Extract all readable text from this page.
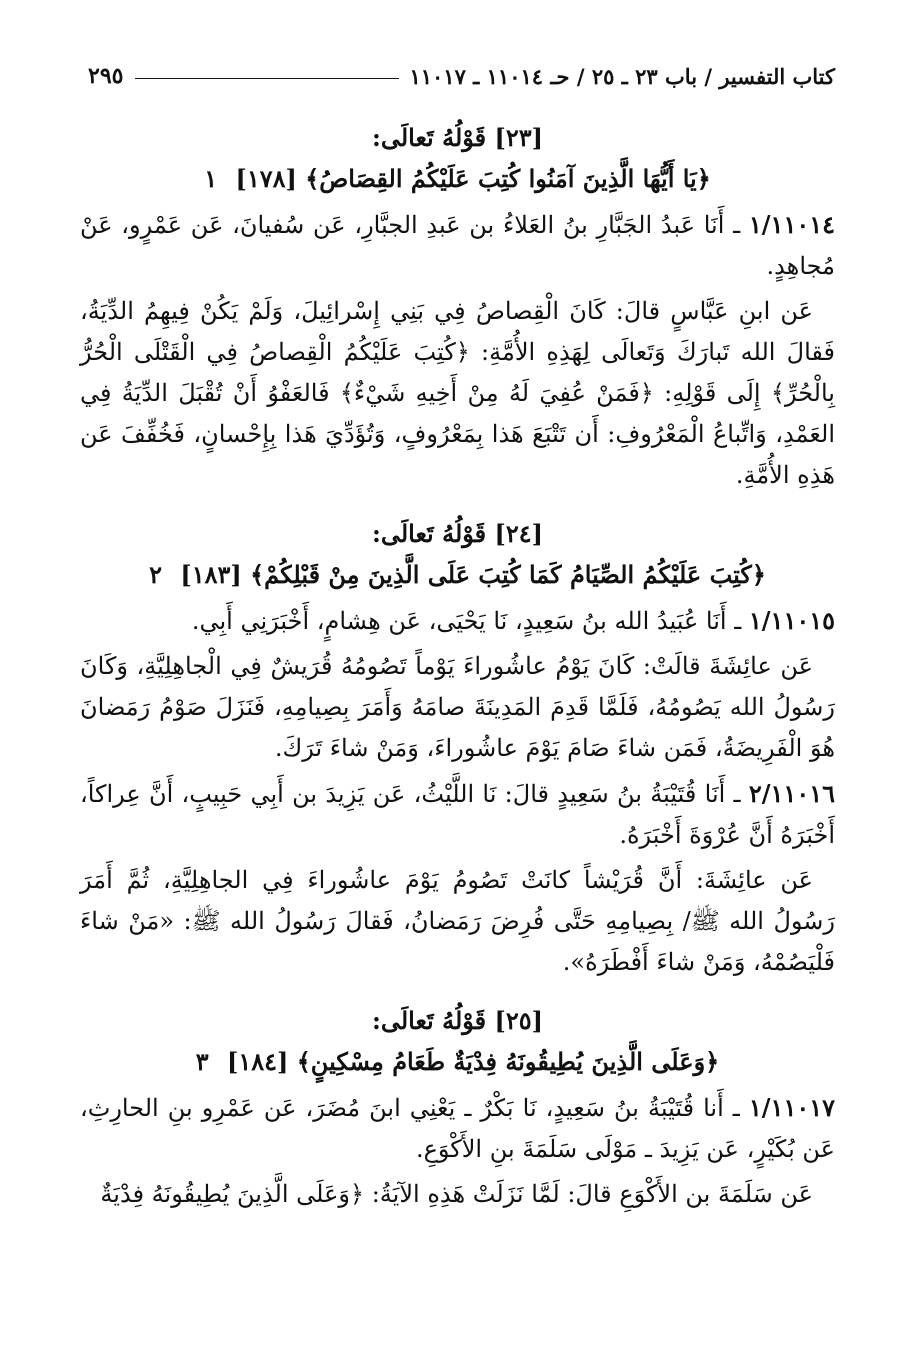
كتاب التفسير / باب ٢٣ ـ ٢٥ / حـ ١١٠١٤ ـ ١١٠١٧
٢٩٥

[٢٣] قَوْلُهُ تَعالَى:

﴿يَا أَيُّهَا الَّذِينَ آمَنُوا كُتِبَ عَلَيْكُمُ القِصَاصُ﴾ [١٧٨] ١

١/١١٠١٤ ـ أَنَا عَبدُ الجَبَّارِ بنُ العَلاءُ بن عَبدِ الجبَّارِ، عَن سُفيانَ، عَن عَمْرٍو، عَنْ مُجاهِدٍ.

عَن ابنِ عَبَّاسٍ قالَ: كَانَ الْقِصاصُ فِي بَنِي إِسْرائِيلَ، وَلَمْ يَكُنْ فِيهِمُ الدِّيَةُ، فَقالَ الله تَبارَكَ وَتَعالَى لِهَذِهِ الأُمَّةِ: ﴿كُتِبَ عَلَيْكُمُ الْقِصاصُ فِي الْقَتْلَى الْحُرُّ بِالْحُرِّ﴾ إِلَى قَوْلِهِ: ﴿فَمَنْ عُفِيَ لَهُ مِنْ أَخِيهِ شَيْءٌ﴾ فَالعَفْوُ أَنْ تُقْبَلَ الدِّيَةُ فِي العَمْدِ، وَاتِّباعُ الْمَعْرُوفِ: أَن تَتْبَعَ هَذا بِمَعْرُوفٍ، وَتُؤَدِّيَ هَذا بِإِحْسانٍ، فَخُفِّفَ عَن هَذِهِ الأُمَّةِ.

[٢٤] قَوْلُهُ تَعالَى:

﴿كُتِبَ عَلَيْكُمُ الصِّيَامُ كَمَا كُتِبَ عَلَى الَّذِينَ مِنْ قَبْلِكُمْ﴾ [١٨٣] ٢

١/١١٠١٥ ـ أَنَا عُبَيدُ الله بنُ سَعِيدٍ، نَا يَحْيَى، عَن هِشامٍ، أَخْبَرَنِي أَبِي.

عَن عائِشَةَ قالَتْ: كَانَ يَوْمُ عاشُوراءَ يَوْماً تَصُومُهُ قُرَيشٌ فِي الْجاهِلِيَّةِ، وَكَانَ رَسُولُ الله يَصُومُهُ، فَلَمَّا قَدِمَ المَدِينَةَ صامَهُ وَأَمَرَ بِصِيامِهِ، فَنَزَلَ صَوْمُ رَمَضانَ هُوَ الْفَرِيضَةُ، فَمَن شاءَ صَامَ يَوْمَ عاشُوراءَ، وَمَنْ شاءَ تَرَكَ.

٢/١١٠١٦ ـ أَنَا قُتَيْبَةُ بنُ سَعِيدٍ قالَ: نَا اللَّيْثُ، عَن يَزِيدَ بن أَبِي حَبِيبٍ، أَنَّ عِراكاً، أَخْبَرَهُ أَنَّ عُرْوَةَ أَخْبَرَهُ.

عَن عائِشَةَ: أَنَّ قُرَيْشاً كانَتْ تَصُومُ يَوْمَ عاشُوراءَ فِي الجاهِلِيَّةِ، ثُمَّ أَمَرَ رَسُولُ الله ﷺ/ بِصِيامِهِ حَتَّى فُرِضَ رَمَضانُ، فَقالَ رَسُولُ الله ﷺ: «مَنْ شاءَ فَلْيَصُمْهُ، وَمَنْ شاءَ أَفْطَرَهُ».

[٢٥] قَوْلُهُ تَعالَى:

﴿وَعَلَى الَّذِينَ يُطِيقُونَهُ فِدْيَةٌ طَعَامُ مِسْكِينٍ﴾ [١٨٤] ٣

١/١١٠١٧ ـ أَنا قُتَيْبَةُ بنُ سَعِيدٍ، نَا بَكْرٌ ـ يَعْنِي ابنَ مُضَرَ، عَن عَمْرِو بنِ الحارِثِ، عَن بُكَيْرٍ، عَن يَزِيدَ ـ مَوْلَى سَلَمَةَ بنِ الأَكْوَعِ.

عَن سَلَمَةَ بن الأَكْوَعِ قالَ: لَمَّا نَزَلَتْ هَذِهِ الآيَةُ: ﴿وَعَلَى الَّذِينَ يُطِيقُونَهُ فِدْيَةٌ
